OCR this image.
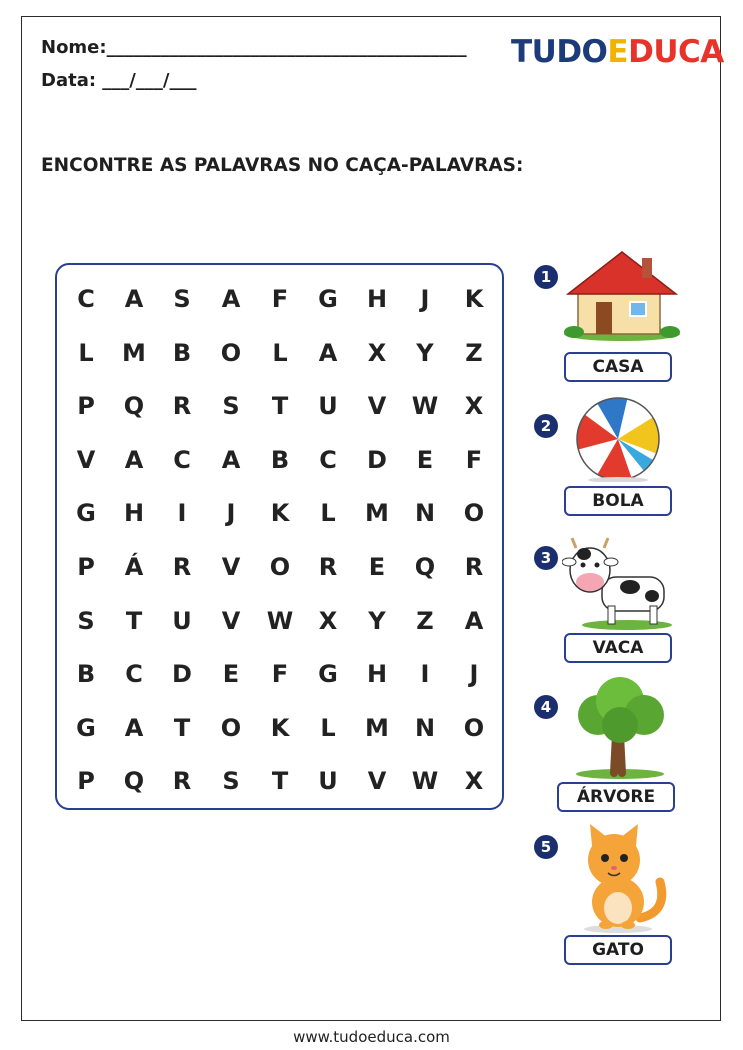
Nome:________________________________________
Data: ___/___/___
TUDOEDUCA
ENCONTRE AS PALAVRAS NO CAÇA-PALAVRAS:
C	A	S	A	F	G	H	J	K
L	M	B	O	L	A	X	Y	Z
P	Q	R	S	T	U	V	W	X
V	A	C	A	B	C	D	E	F
G	H	I	J	K	L	M	N	O
P	Á	R	V	O	R	E	Q	R
S	T	U	V	W	X	Y	Z	A
B	C	D	E	F	G	H	I	J
G	A	T	O	K	L	M	N	O
P	Q	R	S	T	U	V	W	X
1
CASA
2
BOLA
3
VACA
4
ÁRVORE
5
GATO
www.tudoeduca.com
